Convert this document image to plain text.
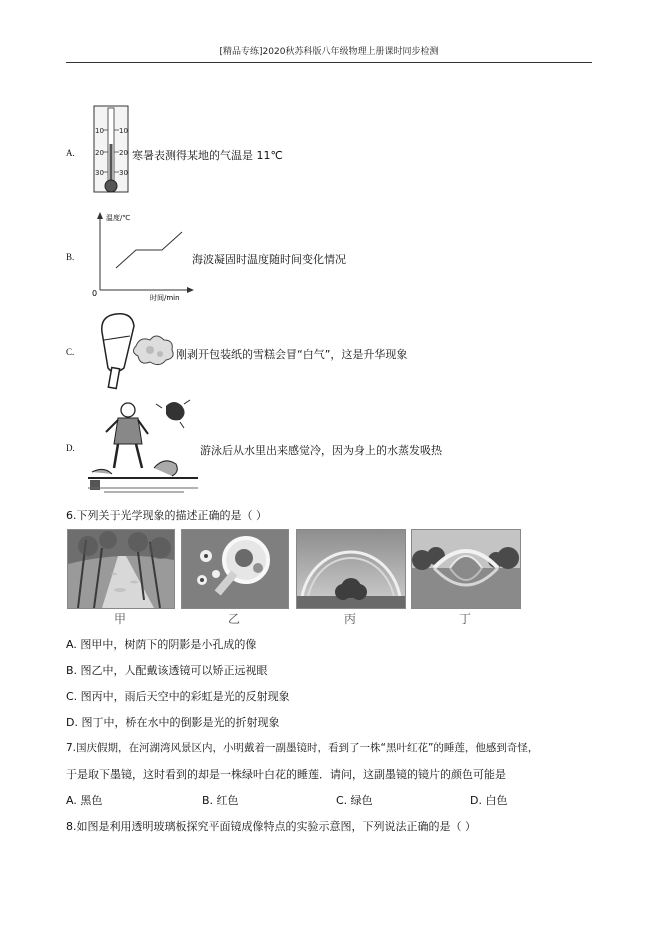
[精品专练]2020秋苏科版八年级物理上册课时同步检测
A.
10
20
30
10
20
30
寒暑表测得某地的气温是 11℃
B.
温度/℃
时间/min
0
海波凝固时温度随时间变化情况
C.	刚剥开包装纸的雪糕会冒“白气”，这是升华现象
D.	游泳后从水里出来感觉冷，因为身上的水蒸发吸热
6.下列关于光学现象的描述正确的是（ ）
甲	乙	丙	丁
A. 图甲中，树荫下的阴影是小孔成的像
B. 图乙中，人配戴该透镜可以矫正远视眼
C. 图丙中，雨后天空中的彩虹是光的反射现象
D. 图丁中，桥在水中的倒影是光的折射现象
7.国庆假期，在河湖湾风景区内，小明戴着一副墨镜时，看到了一株“黑叶红花”的睡莲，他感到奇怪，
于是取下墨镜，这时看到的却是一株绿叶白花的睡莲．请问，这副墨镜的镜片的颜色可能是
A. 黑色	B. 红色	C. 绿色	D. 白色
8.如图是利用透明玻璃板探究平面镜成像特点的实验示意图，下列说法正确的是（ ）
